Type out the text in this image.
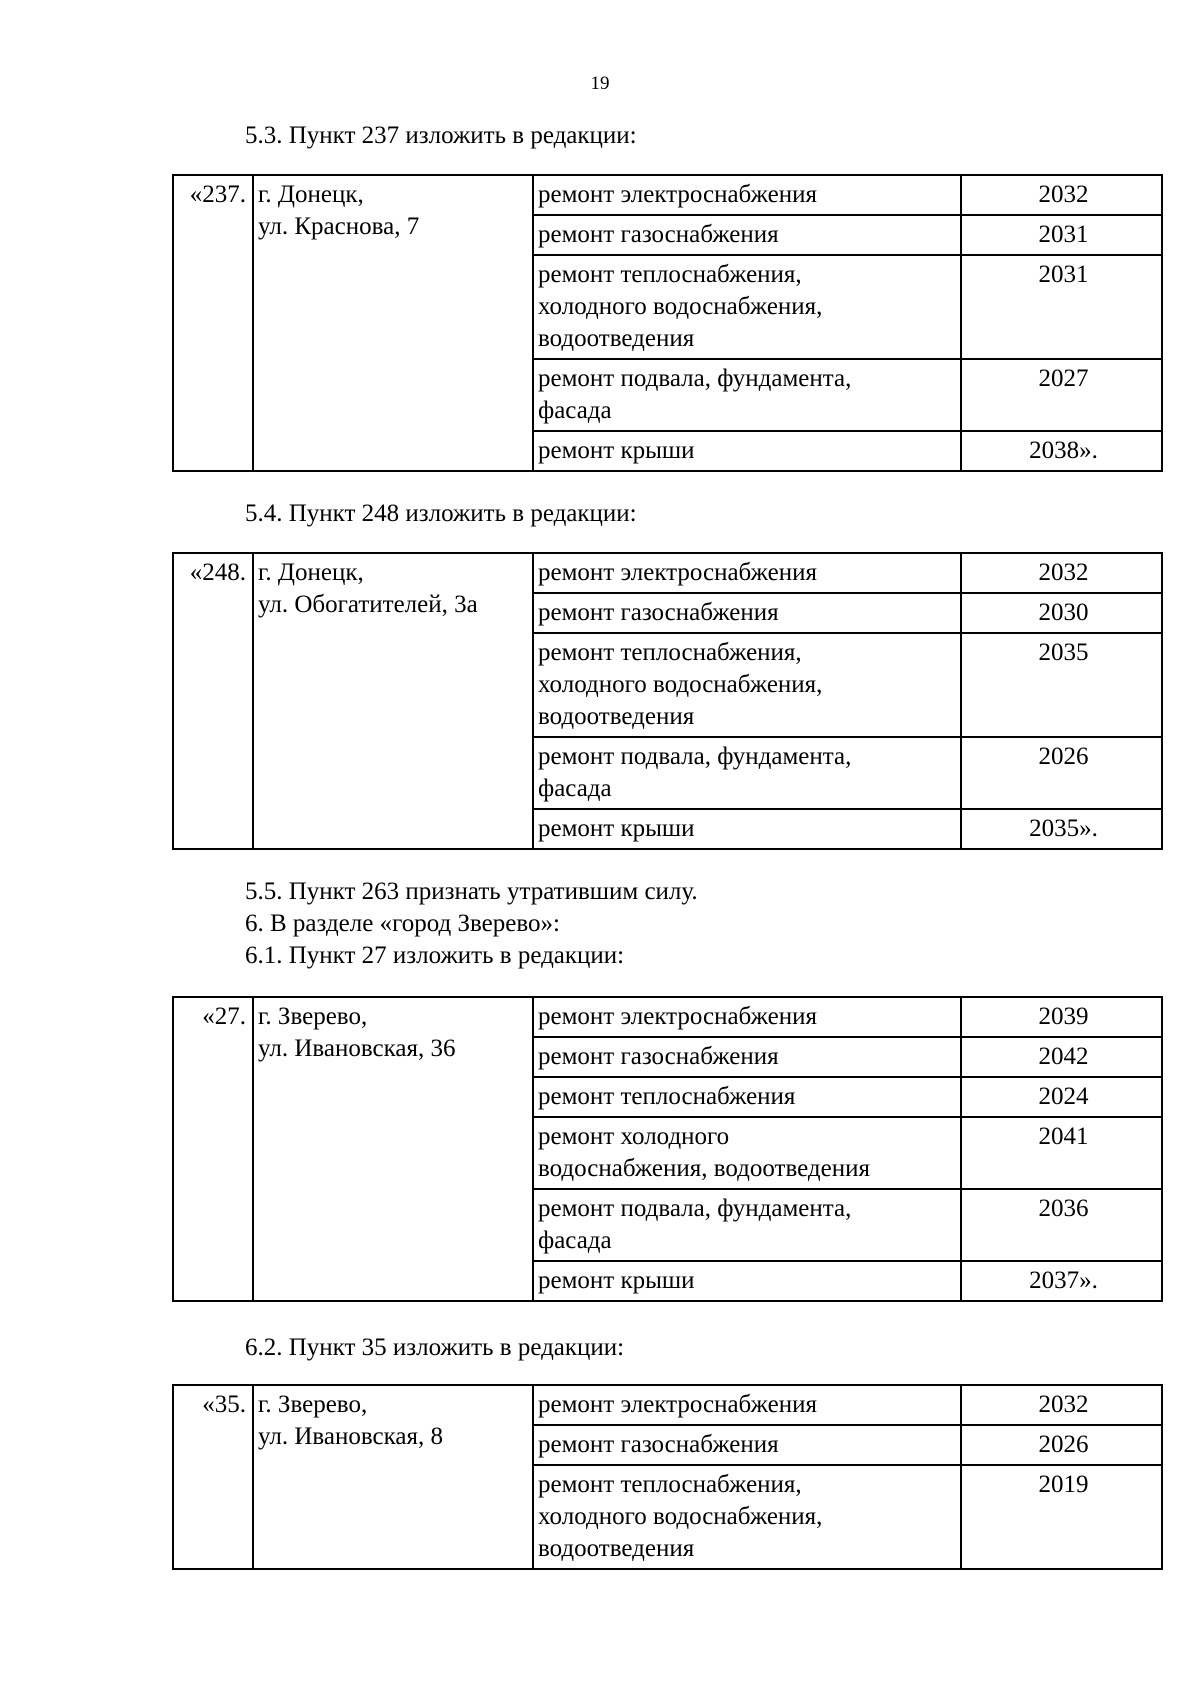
19

5.3. Пункт 237 изложить в редакции:

«237.	г. Донецк,
ул. Краснова, 7	ремонт электроснабжения	2032

		ремонт газоснабжения	2031

		ремонт теплоснабжения,
холодного водоснабжения,
водоотведения	2031

		ремонт подвала, фундамента,
фасада	2027

		ремонт крыши	2038».

5.4. Пункт 248 изложить в редакции:

«248.	г. Донецк,
ул. Обогатителей, 3а	ремонт электроснабжения	2032

		ремонт газоснабжения	2030

		ремонт теплоснабжения,
холодного водоснабжения,
водоотведения	2035

		ремонт подвала, фундамента,
фасада	2026

		ремонт крыши	2035».

5.5. Пункт 263 признать утратившим силу.

6. В разделе «город Зверево»:

6.1. Пункт 27 изложить в редакции:

«27.	г. Зверево,
ул. Ивановская, 36	ремонт электроснабжения	2039

		ремонт газоснабжения	2042

		ремонт теплоснабжения	2024

		ремонт холодного
водоснабжения, водоотведения	2041

		ремонт подвала, фундамента,
фасада	2036

		ремонт крыши	2037».

6.2. Пункт 35 изложить в редакции:

«35.	г. Зверево,
ул. Ивановская, 8	ремонт электроснабжения	2032

		ремонт газоснабжения	2026

		ремонт теплоснабжения,
холодного водоснабжения,
водоотведения	2019
